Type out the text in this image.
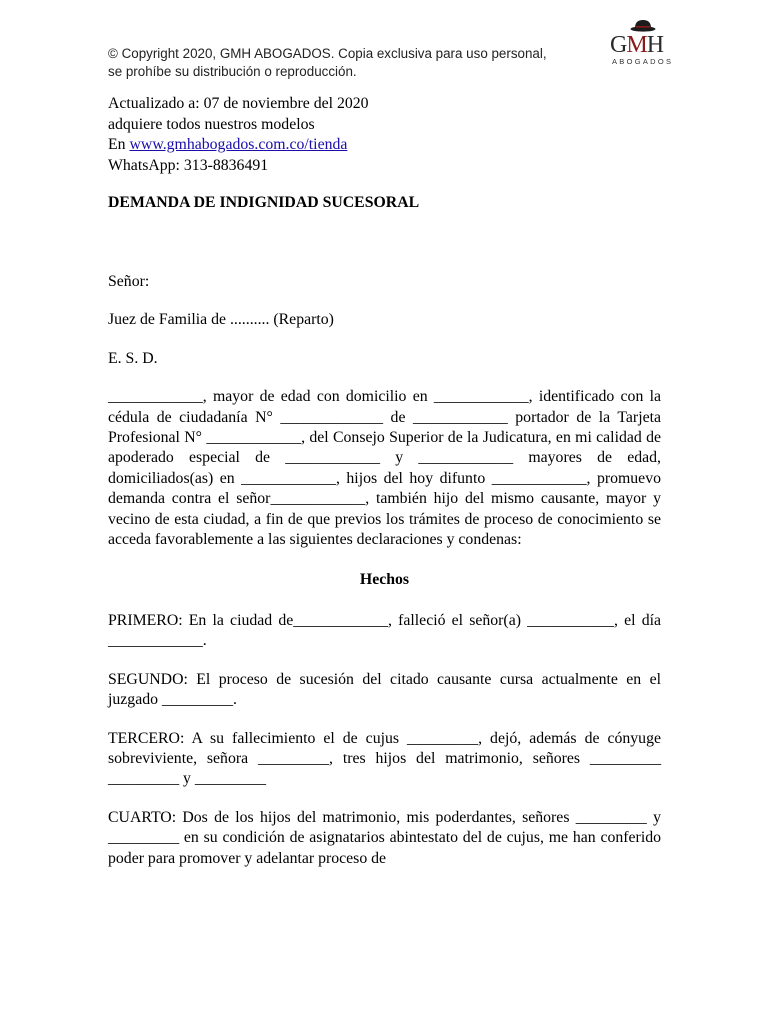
© Copyright 2020, GMH ABOGADOS. Copia exclusiva para uso personal, se prohíbe su distribución o reproducción.

GMH
ABOGADOS

Actualizado a: 07 de noviembre del 2020

adquiere todos nuestros modelos

En www.gmhabogados.com.co/tienda

WhatsApp: 313-8836491

DEMANDA DE INDIGNIDAD SUCESORAL

Señor:

Juez de Familia de .......... (Reparto)

E. S. D.

____________, mayor de edad con domicilio en ____________, identificado con la cédula de ciudadanía N° _____________ de ____________ portador de la Tarjeta Profesional N° ____________, del Consejo Superior de la Judicatura, en mi calidad de apoderado especial de ____________ y ____________ mayores de edad, domiciliados(as) en ____________, hijos del hoy difunto ____________, promuevo demanda contra el señor____________, también hijo del mismo causante, mayor y vecino de esta ciudad, a fin de que previos los trámites de proceso de conocimiento se acceda favorablemente a las siguientes declaraciones y condenas:

Hechos

PRIMERO: En la ciudad de____________, falleció el señor(a) ___________, el día ____________.

SEGUNDO: El proceso de sucesión del citado causante cursa actualmente en el juzgado _________.

TERCERO: A su fallecimiento el de cujus _________, dejó, además de cónyuge sobreviviente, señora _________, tres hijos del matrimonio, señores _________ _________ y _________

CUARTO: Dos de los hijos del matrimonio, mis poderdantes, señores _________ y _________ en su condición de asignatarios abintestato del de cujus, me han conferido poder para promover y adelantar proceso de
